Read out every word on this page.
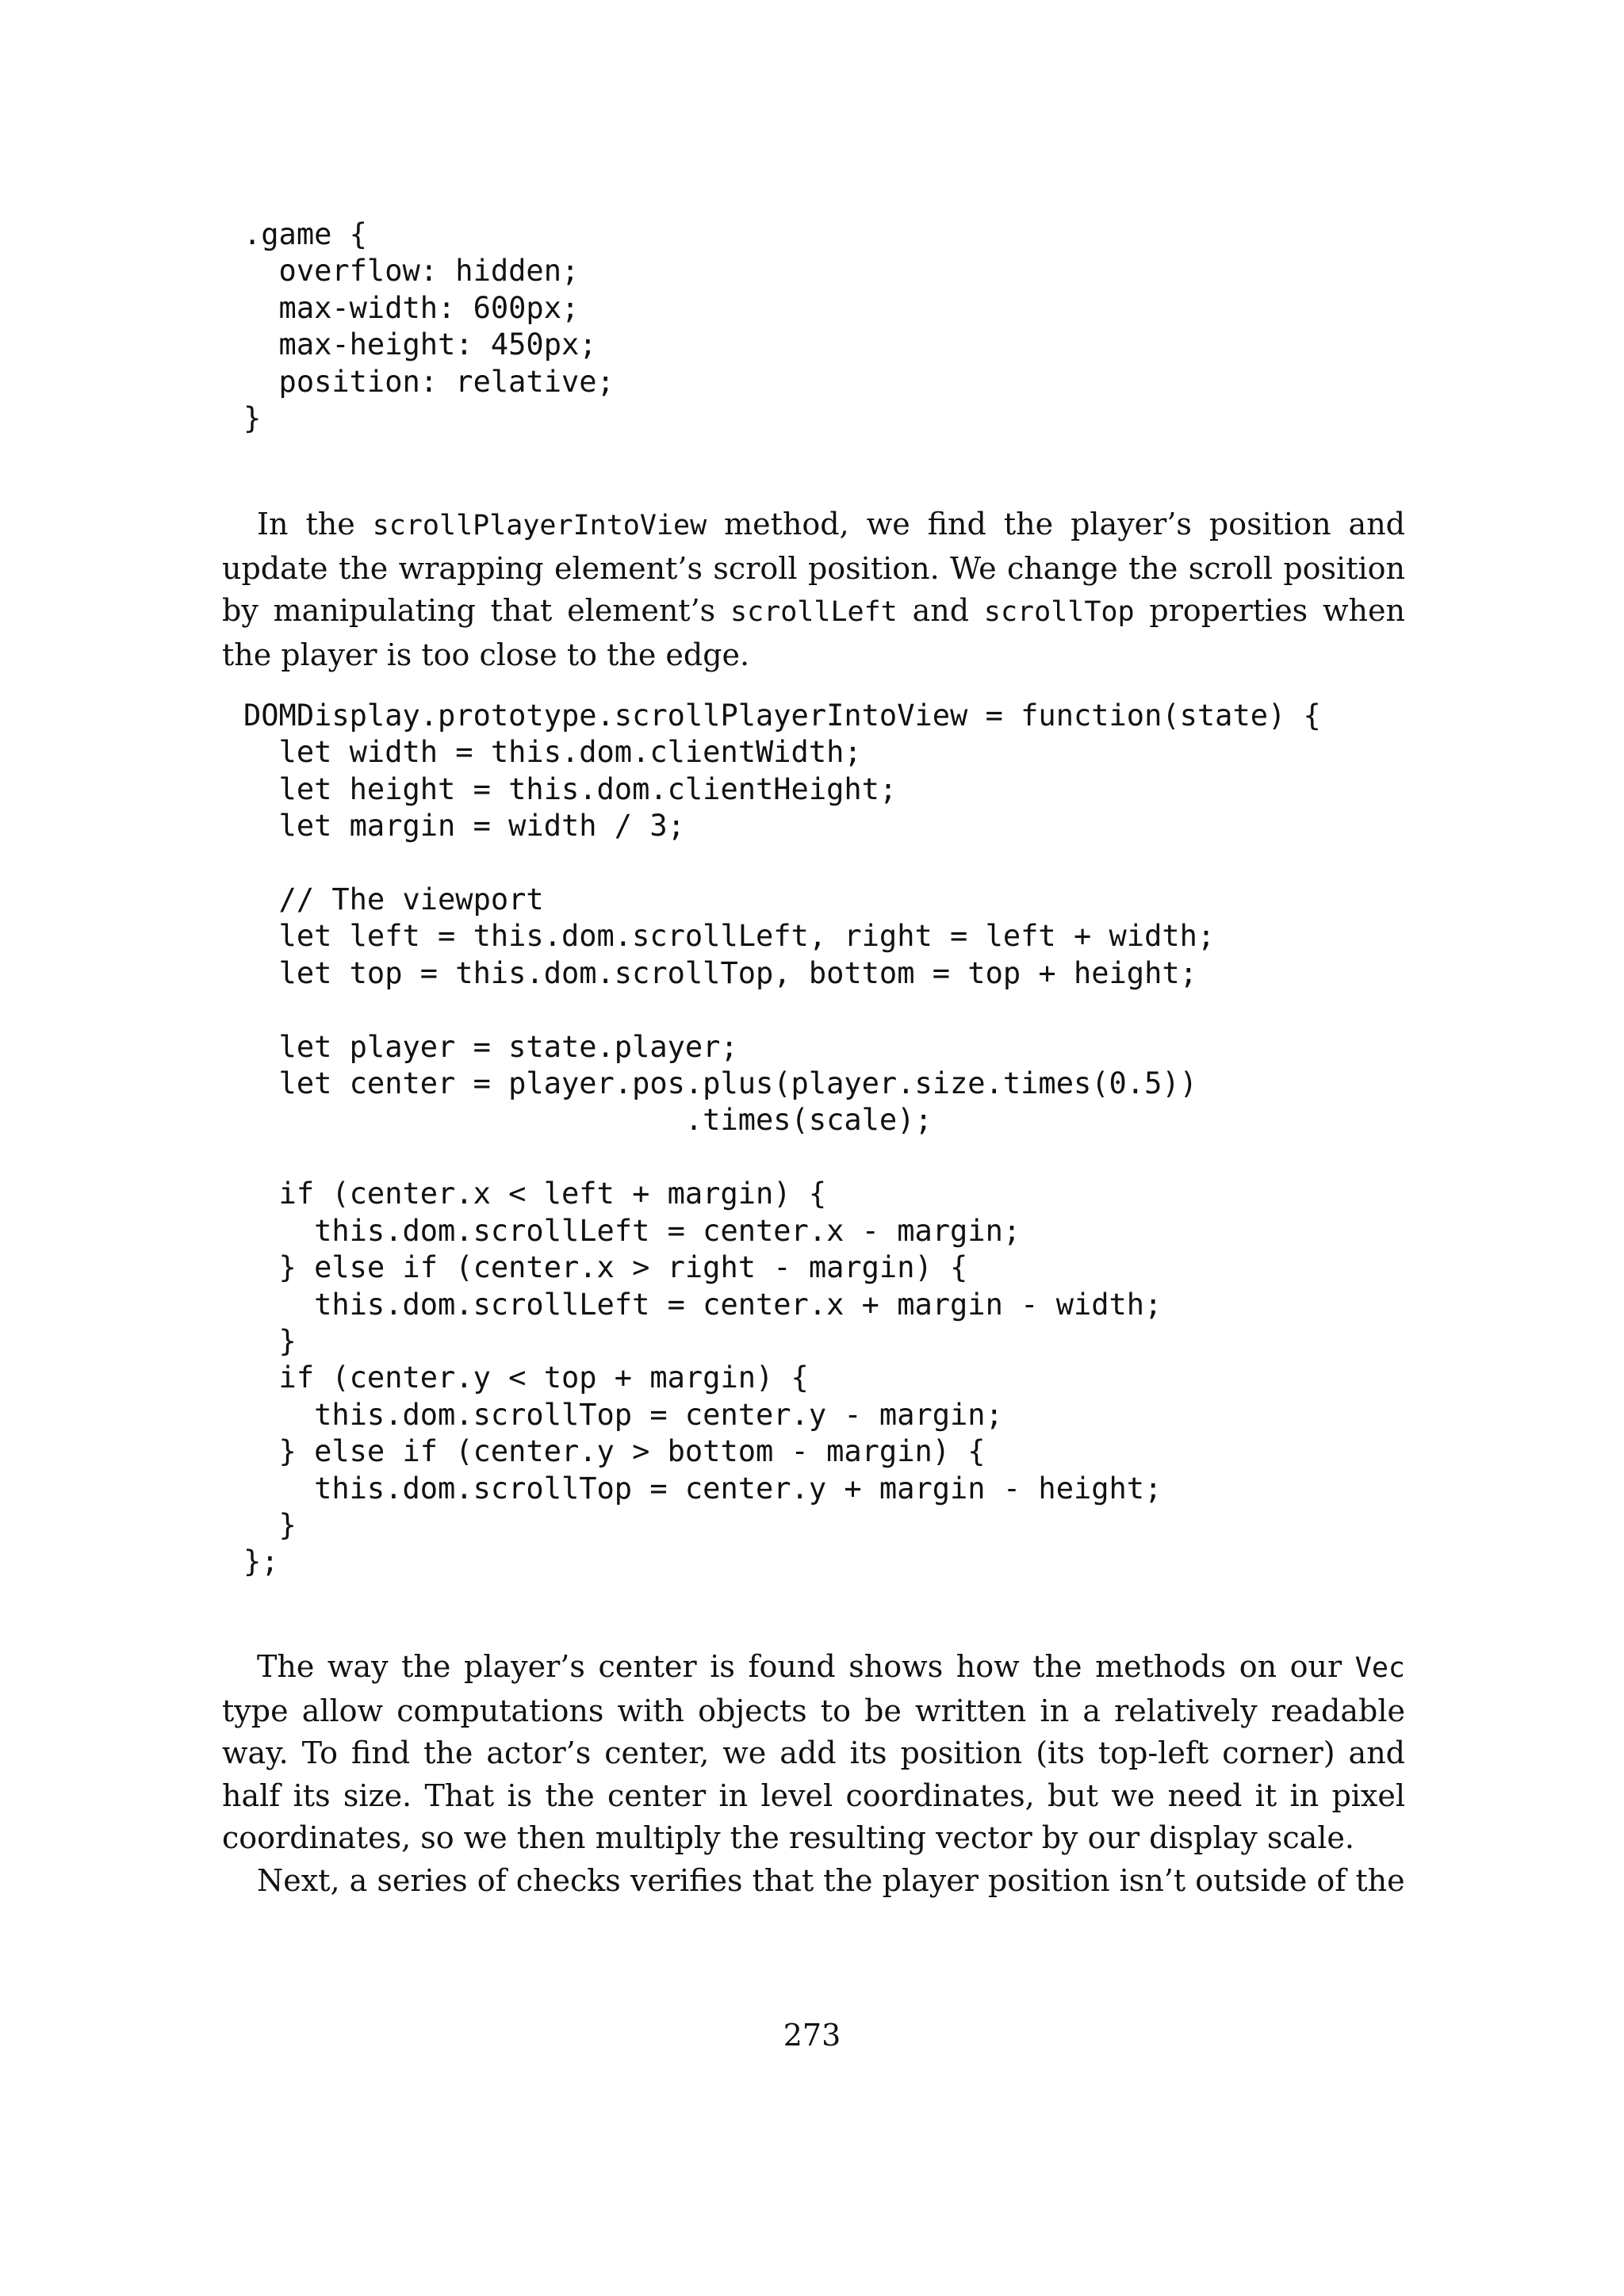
.game {
overflow: hidden;
max-width: 600px;
max-height: 450px;
position: relative;
}

In the scrollPlayerIntoView method, we find the player’s position and update the wrapping element’s scroll position. We change the scroll position by manipulating that element’s scrollLeft and scrollTop properties when the player is too close to the edge.

DOMDisplay.prototype.scrollPlayerIntoView = function(state) {
let width = this.dom.clientWidth;
let height = this.dom.clientHeight;
let margin = width / 3;

// The viewport
let left = this.dom.scrollLeft, right = left + width;
let top = this.dom.scrollTop, bottom = top + height;

let player = state.player;
let center = player.pos.plus(player.size.times(0.5))
.times(scale);

if (center.x < left + margin) {
this.dom.scrollLeft = center.x - margin;
} else if (center.x > right - margin) {
this.dom.scrollLeft = center.x + margin - width;
}
if (center.y < top + margin) {
this.dom.scrollTop = center.y - margin;
} else if (center.y > bottom - margin) {
this.dom.scrollTop = center.y + margin - height;
}
};

The way the player’s center is found shows how the methods on our Vec type allow computations with objects to be written in a relatively readable way. To find the actor’s center, we add its position (its top-left corner) and half its size. That is the center in level coordinates, but we need it in pixel coordinates, so we then multiply the resulting vector by our display scale.

Next, a series of checks verifies that the player position isn’t outside of the

273
